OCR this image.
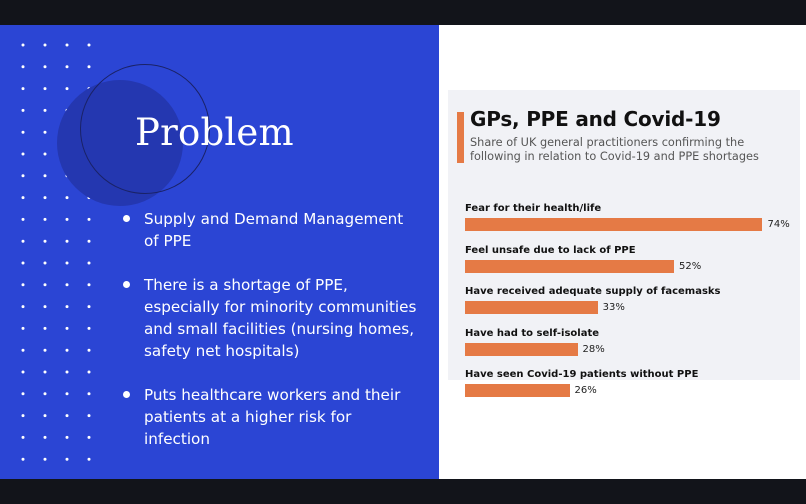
Problem
Supply and Demand Management of PPE
There is a shortage of PPE, especially for minority communities and small facilities (nursing homes, safety net hospitals)
Puts healthcare workers and their patients at a higher risk for infection
GPs, PPE and Covid-19

Share of UK general practitioners confirming the following in relation to Covid-19 and PPE shortages

Fear for their health/life
74%
Feel unsafe due to lack of PPE
52%
Have received adequate supply of facemasks
33%
Have had to self-isolate
28%
Have seen Covid-19 patients without PPE
26%
